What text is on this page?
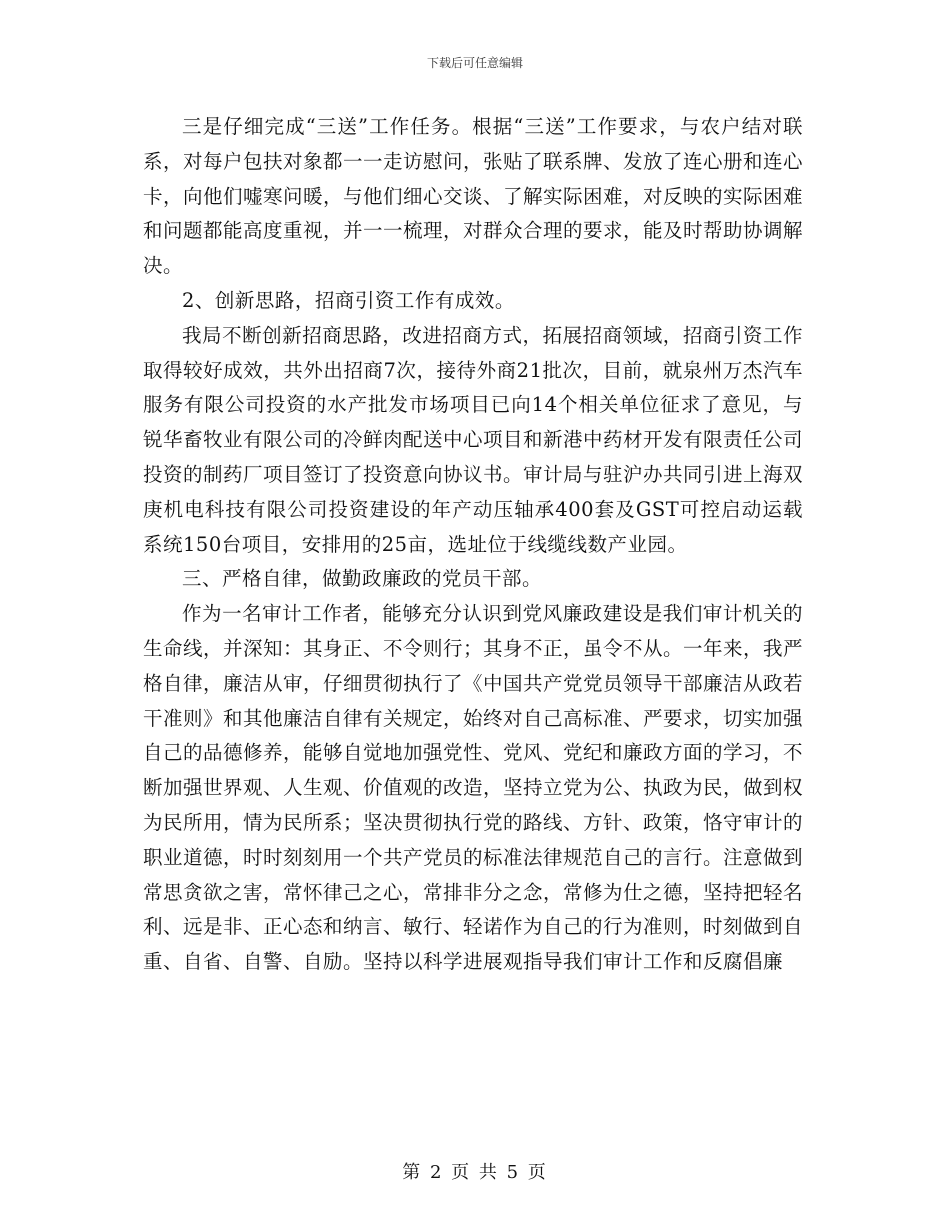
下载后可任意编辑

三是仔细完成“三送”工作任务。根据“三送”工作要求，与农户结对联系，对每户包扶对象都一一走访慰问，张贴了联系牌、发放了连心册和连心卡，向他们嘘寒问暖，与他们细心交谈、了解实际困难，对反映的实际困难和问题都能高度重视，并一一梳理，对群众合理的要求，能及时帮助协调解决。

2、创新思路，招商引资工作有成效。

我局不断创新招商思路，改进招商方式，拓展招商领域，招商引资工作取得较好成效，共外出招商7次，接待外商21批次，目前，就泉州万杰汽车服务有限公司投资的水产批发市场项目已向14个相关单位征求了意见，与锐华畜牧业有限公司的冷鲜肉配送中心项目和新港中药材开发有限责任公司投资的制药厂项目签订了投资意向协议书。审计局与驻沪办共同引进上海双庚机电科技有限公司投资建设的年产动压轴承400套及GST可控启动运载系统150台项目，安排用的25亩，选址位于线缆线数产业园。

三、严格自律，做勤政廉政的党员干部。

作为一名审计工作者，能够充分认识到党风廉政建设是我们审计机关的生命线，并深知：其身正、不令则行；其身不正，虽令不从。一年来，我严格自律，廉洁从审，仔细贯彻执行了《中国共产党党员领导干部廉洁从政若干准则》和其他廉洁自律有关规定，始终对自己高标准、严要求，切实加强自己的品德修养，能够自觉地加强党性、党风、党纪和廉政方面的学习，不断加强世界观、人生观、价值观的改造，坚持立党为公、执政为民，做到权为民所用，情为民所系；坚决贯彻执行党的路线、方针、政策，恪守审计的职业道德，时时刻刻用一个共产党员的标准法律规范自己的言行。注意做到常思贪欲之害，常怀律己之心，常排非分之念，常修为仕之德，坚持把轻名利、远是非、正心态和纳言、敏行、轻诺作为自己的行为准则，时刻做到自重、自省、自警、自励。坚持以科学进展观指导我们审计工作和反腐倡廉

第 2 页 共 5 页
